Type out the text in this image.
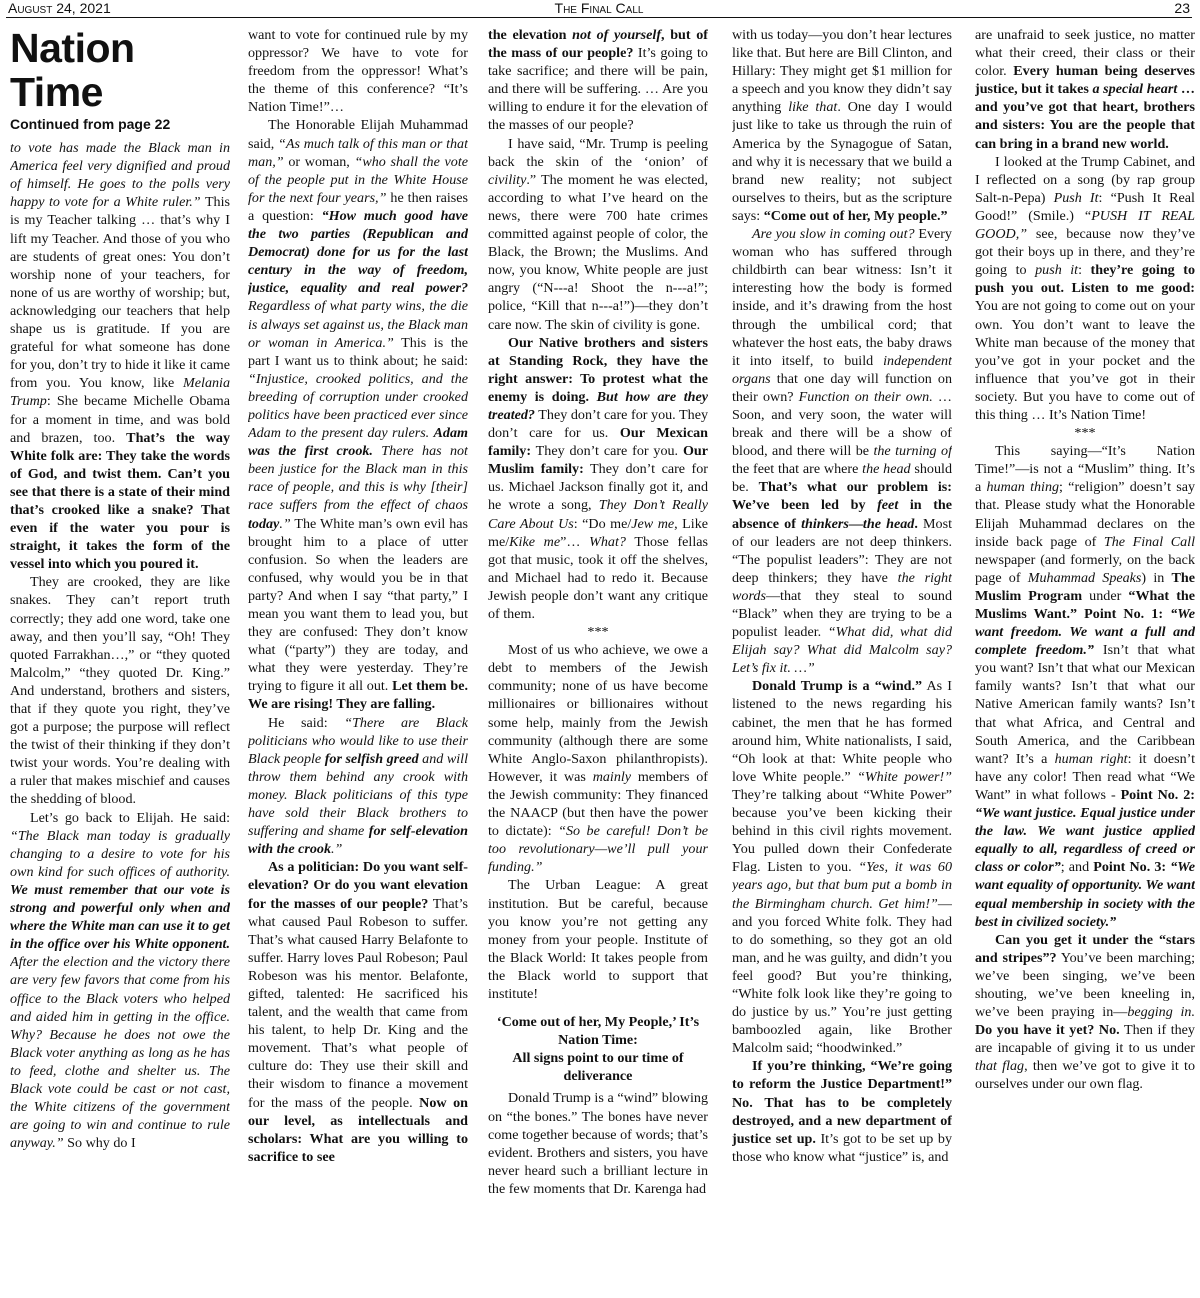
August 24, 2021	The Final Call	23
Nation Time
Continued from page 22

to vote has made the Black man in America feel very dignified and proud of himself. He goes to the polls very happy to vote for a White ruler.” This is my Teacher talking … that’s why I lift my Teacher. And those of you who are students of great ones: You don’t worship none of your teachers, for none of us are worthy of worship; but, acknowledging our teachers that help shape us is gratitude. If you are grateful for what someone has done for you, don’t try to hide it like it came from you. You know, like Melania Trump: She became Michelle Obama for a moment in time, and was bold and brazen, too. That’s the way White folk are: They take the words of God, and twist them. Can’t you see that there is a state of their mind that’s crooked like a snake? That even if the water you pour is straight, it takes the form of the vessel into which you poured it.

They are crooked, they are like snakes. They can’t report truth correctly; they add one word, take one away, and then you’ll say, “Oh! They quoted Farrakhan…,” or “they quoted Malcolm,” “they quoted Dr. King.” And understand, brothers and sisters, that if they quote you right, they’ve got a purpose; the purpose will reflect the twist of their thinking if they don’t twist your words. You’re dealing with a ruler that makes mischief and causes the shedding of blood.

Let’s go back to Elijah. He said: “The Black man today is gradually changing to a desire to vote for his own kind for such offices of authority. We must remember that our vote is strong and powerful only when and where the White man can use it to get in the office over his White opponent. After the election and the victory there are very few favors that come from his office to the Black voters who helped and aided him in getting in the office. Why? Because he does not owe the Black voter anything as long as he has to feed, clothe and shelter us. The Black vote could be cast or not cast, the White citizens of the government are going to win and continue to rule anyway.” So why do I

want to vote for continued rule by my oppressor? We have to vote for freedom from the oppressor! What’s the theme of this conference? “It’s Nation Time!”…

The Honorable Elijah Muhammad said, “As much talk of this man or that man,” or woman, “who shall the vote of the people put in the White House for the next four years,” he then raises a question: “How much good have the two parties (Republican and Democrat) done for us for the last century in the way of freedom, justice, equality and real power? Regardless of what party wins, the die is always set against us, the Black man or woman in America.” This is the part I want us to think about; he said: “Injustice, crooked politics, and the breeding of corruption under crooked politics have been practiced ever since Adam to the present day rulers. Adam was the first crook. There has not been justice for the Black man in this race of people, and this is why [their] race suffers from the effect of chaos today.” The White man’s own evil has brought him to a place of utter confusion. So when the leaders are confused, why would you be in that party? And when I say “that party,” I mean you want them to lead you, but they are confused: They don’t know what (“party”) they are today, and what they were yesterday. They’re trying to figure it all out. Let them be. We are rising! They are falling.

He said: “There are Black politicians who would like to use their Black people for selfish greed and will throw them behind any crook with money. Black politicians of this type have sold their Black brothers to suffering and shame for self-elevation with the crook.”

As a politician: Do you want self-elevation? Or do you want elevation for the masses of our people? That’s what caused Paul Robeson to suffer. That’s what caused Harry Belafonte to suffer. Harry loves Paul Robeson; Paul Robeson was his mentor. Belafonte, gifted, talented: He sacrificed his talent, and the wealth that came from his talent, to help Dr. King and the movement. That’s what people of culture do: They use their skill and their wisdom to finance a movement for the mass of the people. Now on our level, as intellectuals and scholars: What are you willing to sacrifice to see

the elevation not of yourself, but of the mass of our people? It’s going to take sacrifice; and there will be pain, and there will be suffering. … Are you willing to endure it for the elevation of the masses of our people?

I have said, “Mr. Trump is peeling back the skin of the ‘onion’ of civility.” The moment he was elected, according to what I’ve heard on the news, there were 700 hate crimes committed against people of color, the Black, the Brown; the Muslims. And now, you know, White people are just angry (“N---a! Shoot the n---a!”; police, “Kill that n---a!”)—they don’t care now. The skin of civility is gone.

Our Native brothers and sisters at Standing Rock, they have the right answer: To protest what the enemy is doing. But how are they treated? They don’t care for you. They don’t care for us. Our Mexican family: They don’t care for you. Our Muslim family: They don’t care for us. Michael Jackson finally got it, and he wrote a song, They Don’t Really Care About Us: “Do me/Jew me, Like me/Kike me”… What? Those fellas got that music, took it off the shelves, and Michael had to redo it. Because Jewish people don’t want any critique of them.

***

Most of us who achieve, we owe a debt to members of the Jewish community; none of us have become millionaires or billionaires without some help, mainly from the Jewish community (although there are some White Anglo-Saxon philanthropists). However, it was mainly members of the Jewish community: They financed the NAACP (but then have the power to dictate): “So be careful! Don’t be too revolutionary—we’ll pull your funding.”

The Urban League: A great institution. But be careful, because you know you’re not getting any money from your people. Institute of the Black World: It takes people from the Black world to support that institute!

‘Come out of her, My People,’ It’s Nation Time:
All signs point to our time of deliverance

Donald Trump is a “wind” blowing on “the bones.” The bones have never come together because of words; that’s evident. Brothers and sisters, you have never heard such a brilliant lecture in the few moments that Dr. Karenga had

with us today—you don’t hear lectures like that. But here are Bill Clinton, and Hillary: They might get $1 million for a speech and you know they didn’t say anything like that. One day I would just like to take us through the ruin of America by the Synagogue of Satan, and why it is necessary that we build a brand new reality; not subject ourselves to theirs, but as the scripture says: “Come out of her, My people.”

Are you slow in coming out? Every woman who has suffered through childbirth can bear witness: Isn’t it interesting how the body is formed inside, and it’s drawing from the host through the umbilical cord; that whatever the host eats, the baby draws it into itself, to build independent organs that one day will function on their own? Function on their own. … Soon, and very soon, the water will break and there will be a show of blood, and there will be the turning of the feet that are where the head should be. That’s what our problem is: We’ve been led by feet in the absence of thinkers—the head. Most of our leaders are not deep thinkers. “The populist leaders”: They are not deep thinkers; they have the right words—that they steal to sound “Black” when they are trying to be a populist leader. “What did, what did Elijah say? What did Malcolm say? Let’s fix it. …”

Donald Trump is a “wind.” As I listened to the news regarding his cabinet, the men that he has formed around him, White nationalists, I said, “Oh look at that: White people who love White people.” “White power!” They’re talking about “White Power” because you’ve been kicking their behind in this civil rights movement. You pulled down their Confederate Flag. Listen to you. “Yes, it was 60 years ago, but that bum put a bomb in the Birmingham church. Get him!”—and you forced White folk. They had to do something, so they got an old man, and he was guilty, and didn’t you feel good? But you’re thinking, “White folk look like they’re going to do justice by us.” You’re just getting bamboozled again, like Brother Malcolm said; “hoodwinked.”

If you’re thinking, “We’re going to reform the Justice Department!” No. That has to be completely destroyed, and a new department of justice set up. It’s got to be set up by those who know what “justice” is, and

are unafraid to seek justice, no matter what their creed, their class or their color. Every human being deserves justice, but it takes a special heart … and you’ve got that heart, brothers and sisters: You are the people that can bring in a brand new world.

I looked at the Trump Cabinet, and I reflected on a song (by rap group Salt-n-Pepa) Push It: “Push It Real Good!” (Smile.) “PUSH IT REAL GOOD,” see, because now they’ve got their boys up in there, and they’re going to push it: they’re going to push you out. Listen to me good: You are not going to come out on your own. You don’t want to leave the White man because of the money that you’ve got in your pocket and the influence that you’ve got in their society. But you have to come out of this thing … It’s Nation Time!

***

This saying—“It’s Nation Time!”—is not a “Muslim” thing. It’s a human thing; “religion” doesn’t say that. Please study what the Honorable Elijah Muhammad declares on the inside back page of The Final Call newspaper (and formerly, on the back page of Muhammad Speaks) in The Muslim Program under “What the Muslims Want.” Point No. 1: “We want freedom. We want a full and complete freedom.” Isn’t that what you want? Isn’t that what our Mexican family wants? Isn’t that what our Native American family wants? Isn’t that what Africa, and Central and South America, and the Caribbean want? It’s a human right: it doesn’t have any color! Then read what “We Want” in what follows - Point No. 2: “We want justice. Equal justice under the law. We want justice applied equally to all, regardless of creed or class or color”; and Point No. 3: “We want equality of opportunity. We want equal membership in society with the best in civilized society.”

Can you get it under the “stars and stripes”? You’ve been marching; we’ve been singing, we’ve been shouting, we’ve been kneeling in, we’ve been praying in—begging in. Do you have it yet? No. Then if they are incapable of giving it to us under that flag, then we’ve got to give it to ourselves under our own flag.
